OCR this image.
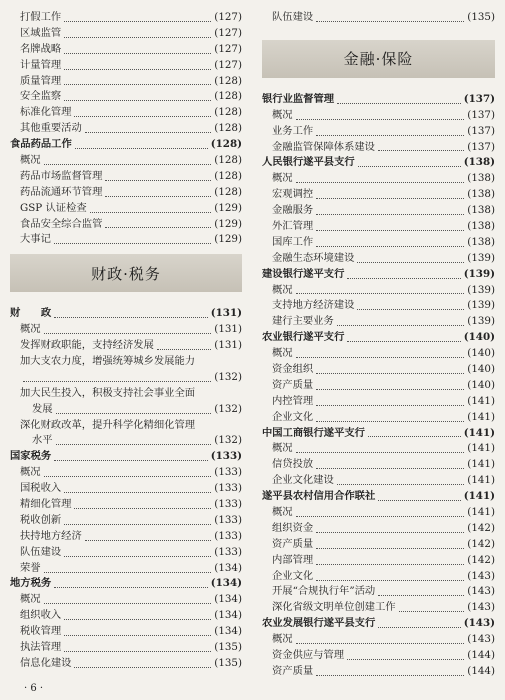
打假工作	(127)
区域监管	(127)
名牌战略	(127)
计量管理	(127)
质量管理	(128)
安全监察	(128)
标准化管理	(128)
其他重要活动	(128)
食品药品工作	(128)
概况	(128)
药品市场监督管理	(128)
药品流通环节管理	(128)
GSP 认证检查	(129)
食品安全综合监管	(129)
大事记	(129)
财政·税务
财　　政	(131)
概况	(131)
发挥财政职能，支持经济发展	(131)
加大支农力度，增强统筹城乡发展能力
(132)
加大民生投入，积极支持社会事业全面
发展	(132)
深化财政改革，提升科学化精细化管理
水平	(132)
国家税务	(133)
概况	(133)
国税收入	(133)
精细化管理	(133)
税收创新	(133)
扶持地方经济	(133)
队伍建设	(133)
荣誉	(134)
地方税务	(134)
概况	(134)
组织收入	(134)
税收管理	(134)
执法管理	(135)
信息化建设	(135)
队伍建设	(135)
金融·保险
银行业监督管理	(137)
概况	(137)
业务工作	(137)
金融监管保障体系建设	(137)
人民银行遂平县支行	(138)
概况	(138)
宏观调控	(138)
金融服务	(138)
外汇管理	(138)
国库工作	(138)
金融生态环境建设	(139)
建设银行遂平支行	(139)
概况	(139)
支持地方经济建设	(139)
建行主要业务	(139)
农业银行遂平支行	(140)
概况	(140)
资金组织	(140)
资产质量	(140)
内控管理	(141)
企业文化	(141)
中国工商银行遂平支行	(141)
概况	(141)
信贷投放	(141)
企业文化建设	(141)
遂平县农村信用合作联社	(141)
概况	(141)
组织资金	(142)
资产质量	(142)
内部管理	(142)
企业文化	(143)
开展“合规执行年”活动	(143)
深化省级文明单位创建工作	(143)
农业发展银行遂平县支行	(143)
概况	(143)
资金供应与管理	(144)
资产质量	(144)
· 6 ·
